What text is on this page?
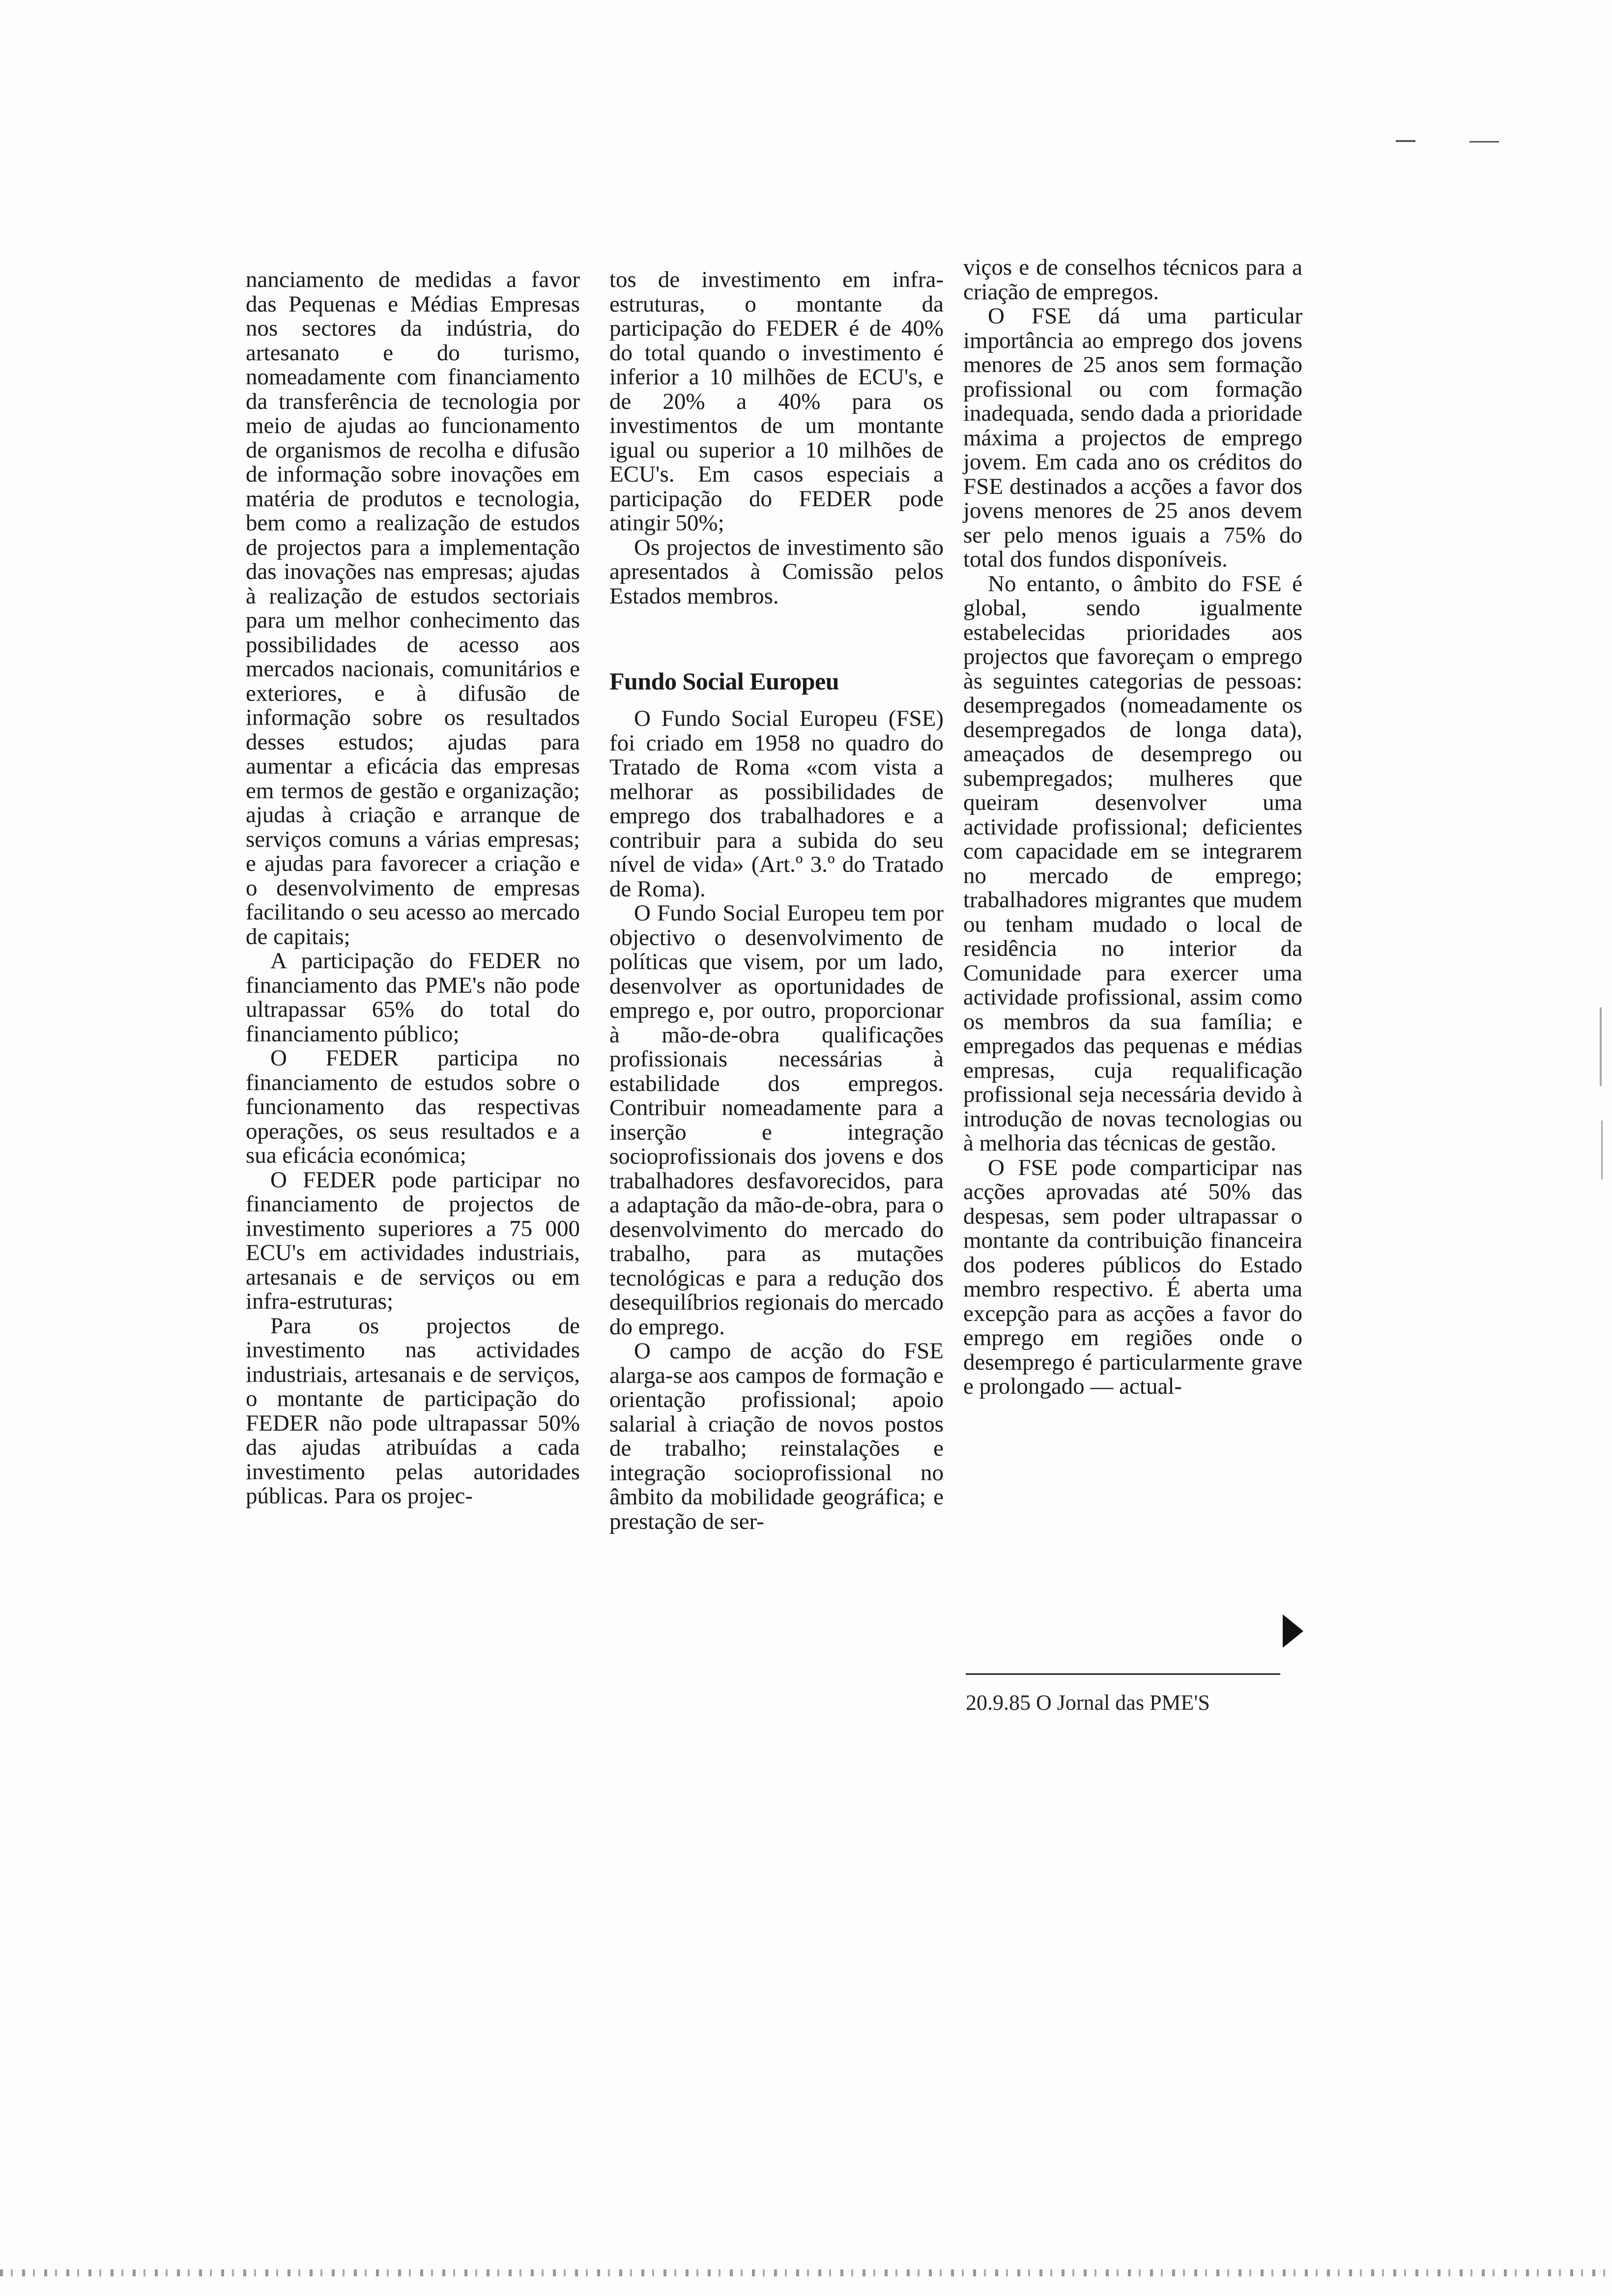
nanciamento de medidas a favor das Pequenas e Médias Empresas nos sectores da indústria, do artesanato e do turismo, nomeadamente com financiamento da transferência de tecnologia por meio de ajudas ao funcionamento de organismos de recolha e difusão de informação sobre inovações em matéria de produtos e tecnologia, bem como a realização de estudos de projectos para a implementação das inovações nas empresas; ajudas à realização de estudos sectoriais para um melhor conhecimento das possibilidades de acesso aos mercados nacionais, comunitários e exteriores, e à difusão de informação sobre os resultados desses estudos; ajudas para aumentar a eficácia das empresas em termos de gestão e organização; ajudas à criação e arranque de serviços comuns a várias empresas; e ajudas para favorecer a criação e o desenvolvimento de empresas facilitando o seu acesso ao mercado de capitais;

A participação do FEDER no financiamento das PME's não pode ultrapassar 65% do total do financiamento público;

O FEDER participa no financiamento de estudos sobre o funcionamento das respectivas operações, os seus resultados e a sua eficácia económica;

O FEDER pode participar no financiamento de projectos de investimento superiores a 75 000 ECU's em actividades industriais, artesanais e de serviços ou em infra-estruturas;

Para os projectos de investimento nas actividades industriais, artesanais e de serviços, o montante de participação do FEDER não pode ultrapassar 50% das ajudas atribuídas a cada investimento pelas autoridades públicas. Para os projec-

tos de investimento em infra-estruturas, o montante da participação do FEDER é de 40% do total quando o investimento é inferior a 10 milhões de ECU's, e de 20% a 40% para os investimentos de um montante igual ou superior a 10 milhões de ECU's. Em casos especiais a participação do FEDER pode atingir 50%;

Os projectos de investimento são apresentados à Comissão pelos Estados membros.

Fundo Social Europeu

O Fundo Social Europeu (FSE) foi criado em 1958 no quadro do Tratado de Roma «com vista a melhorar as possibilidades de emprego dos trabalhadores e a contribuir para a subida do seu nível de vida» (Art.º 3.º do Tratado de Roma).

O Fundo Social Europeu tem por objectivo o desenvolvimento de políticas que visem, por um lado, desenvolver as oportunidades de emprego e, por outro, proporcionar à mão-de-obra qualificações profissionais necessárias à estabilidade dos empregos. Contribuir nomeadamente para a inserção e integração socioprofissionais dos jovens e dos trabalhadores desfavorecidos, para a adaptação da mão-de-obra, para o desenvolvimento do mercado do trabalho, para as mutações tecnológicas e para a redução dos desequilíbrios regionais do mercado do emprego.

O campo de acção do FSE alarga-se aos campos de formação e orientação profissional; apoio salarial à criação de novos postos de trabalho; reinstalações e integração socioprofissional no âmbito da mobilidade geográfica; e prestação de ser-

viços e de conselhos técnicos para a criação de empregos.

O FSE dá uma particular importância ao emprego dos jovens menores de 25 anos sem formação profissional ou com formação inadequada, sendo dada a prioridade máxima a projectos de emprego jovem. Em cada ano os créditos do FSE destinados a acções a favor dos jovens menores de 25 anos devem ser pelo menos iguais a 75% do total dos fundos disponíveis.

No entanto, o âmbito do FSE é global, sendo igualmente estabelecidas prioridades aos projectos que favoreçam o emprego às seguintes categorias de pessoas: desempregados (nomeadamente os desempregados de longa data), ameaçados de desemprego ou subempregados; mulheres que queiram desenvolver uma actividade profissional; deficientes com capacidade em se integrarem no mercado de emprego; trabalhadores migrantes que mudem ou tenham mudado o local de residência no interior da Comunidade para exercer uma actividade profissional, assim como os membros da sua família; e empregados das pequenas e médias empresas, cuja requalificação profissional seja necessária devido à introdução de novas tecnologias ou à melhoria das técnicas de gestão.

O FSE pode comparticipar nas acções aprovadas até 50% das despesas, sem poder ultrapassar o montante da contribuição financeira dos poderes públicos do Estado membro respectivo. É aberta uma excepção para as acções a favor do emprego em regiões onde o desemprego é particularmente grave e prolongado — actual-

20.9.85 O Jornal das PME'S
